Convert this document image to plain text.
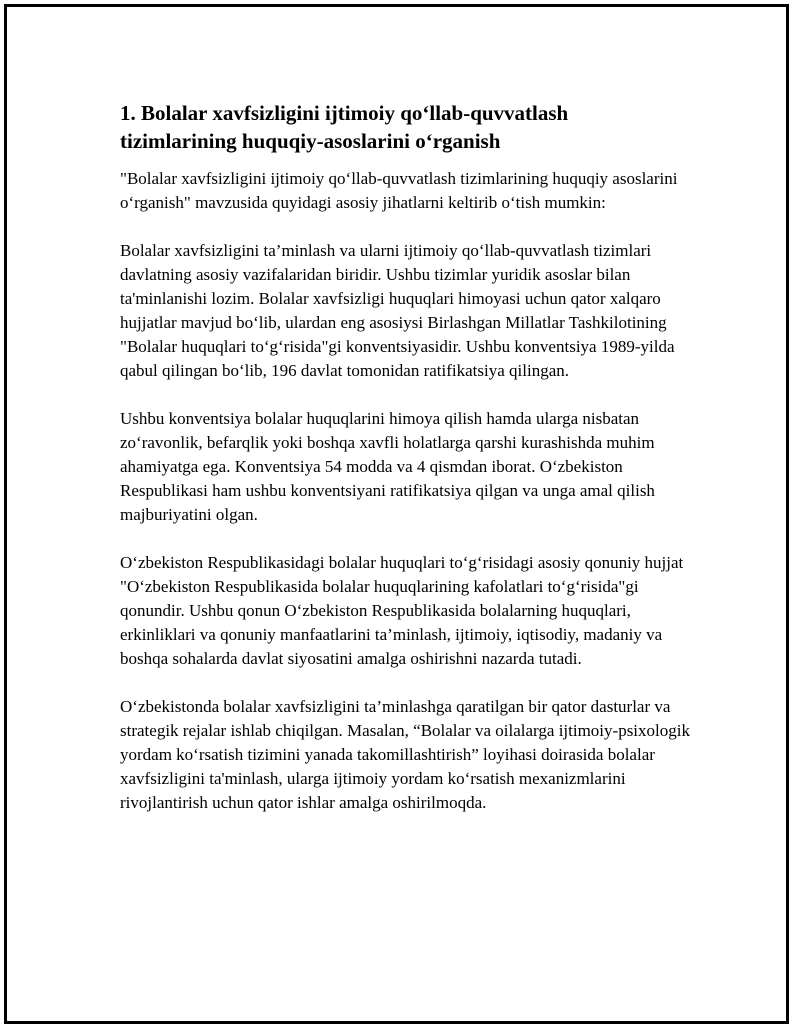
1. Bolalar xavfsizligini ijtimoiy qo‘llab-quvvatlash tizimlarining huquqiy-asoslarini o‘rganish

"Bolalar xavfsizligini ijtimoiy qo‘llab-quvvatlash tizimlarining huquqiy asoslarini o‘rganish" mavzusida quyidagi asosiy jihatlarni keltirib o‘tish mumkin:

Bolalar xavfsizligini ta’minlash va ularni ijtimoiy qo‘llab-quvvatlash tizimlari davlatning asosiy vazifalaridan biridir. Ushbu tizimlar yuridik asoslar bilan ta'minlanishi lozim. Bolalar xavfsizligi huquqlari himoyasi uchun qator xalqaro hujjatlar mavjud bo‘lib, ulardan eng asosiysi Birlashgan Millatlar Tashkilotining "Bolalar huquqlari to‘g‘risida"gi konventsiyasidir. Ushbu konventsiya 1989-yilda qabul qilingan bo‘lib, 196 davlat tomonidan ratifikatsiya qilingan.

Ushbu konventsiya bolalar huquqlarini himoya qilish hamda ularga nisbatan zo‘ravonlik, befarqlik yoki boshqa xavfli holatlarga qarshi kurashishda muhim ahamiyatga ega. Konventsiya 54 modda va 4 qismdan iborat. O‘zbekiston Respublikasi ham ushbu konventsiyani ratifikatsiya qilgan va unga amal qilish majburiyatini olgan.

O‘zbekiston Respublikasidagi bolalar huquqlari to‘g‘risidagi asosiy qonuniy hujjat "O‘zbekiston Respublikasida bolalar huquqlarining kafolatlari to‘g‘risida"gi qonundir. Ushbu qonun O‘zbekiston Respublikasida bolalarning huquqlari, erkinliklari va qonuniy manfaatlarini ta’minlash, ijtimoiy, iqtisodiy, madaniy va boshqa sohalarda davlat siyosatini amalga oshirishni nazarda tutadi.

O‘zbekistonda bolalar xavfsizligini ta’minlashga qaratilgan bir qator dasturlar va strategik rejalar ishlab chiqilgan. Masalan, “Bolalar va oilalarga ijtimoiy-psixologik yordam ko‘rsatish tizimini yanada takomillashtirish” loyihasi doirasida bolalar xavfsizligini ta'minlash, ularga ijtimoiy yordam ko‘rsatish mexanizmlarini rivojlantirish uchun qator ishlar amalga oshirilmoqda.
